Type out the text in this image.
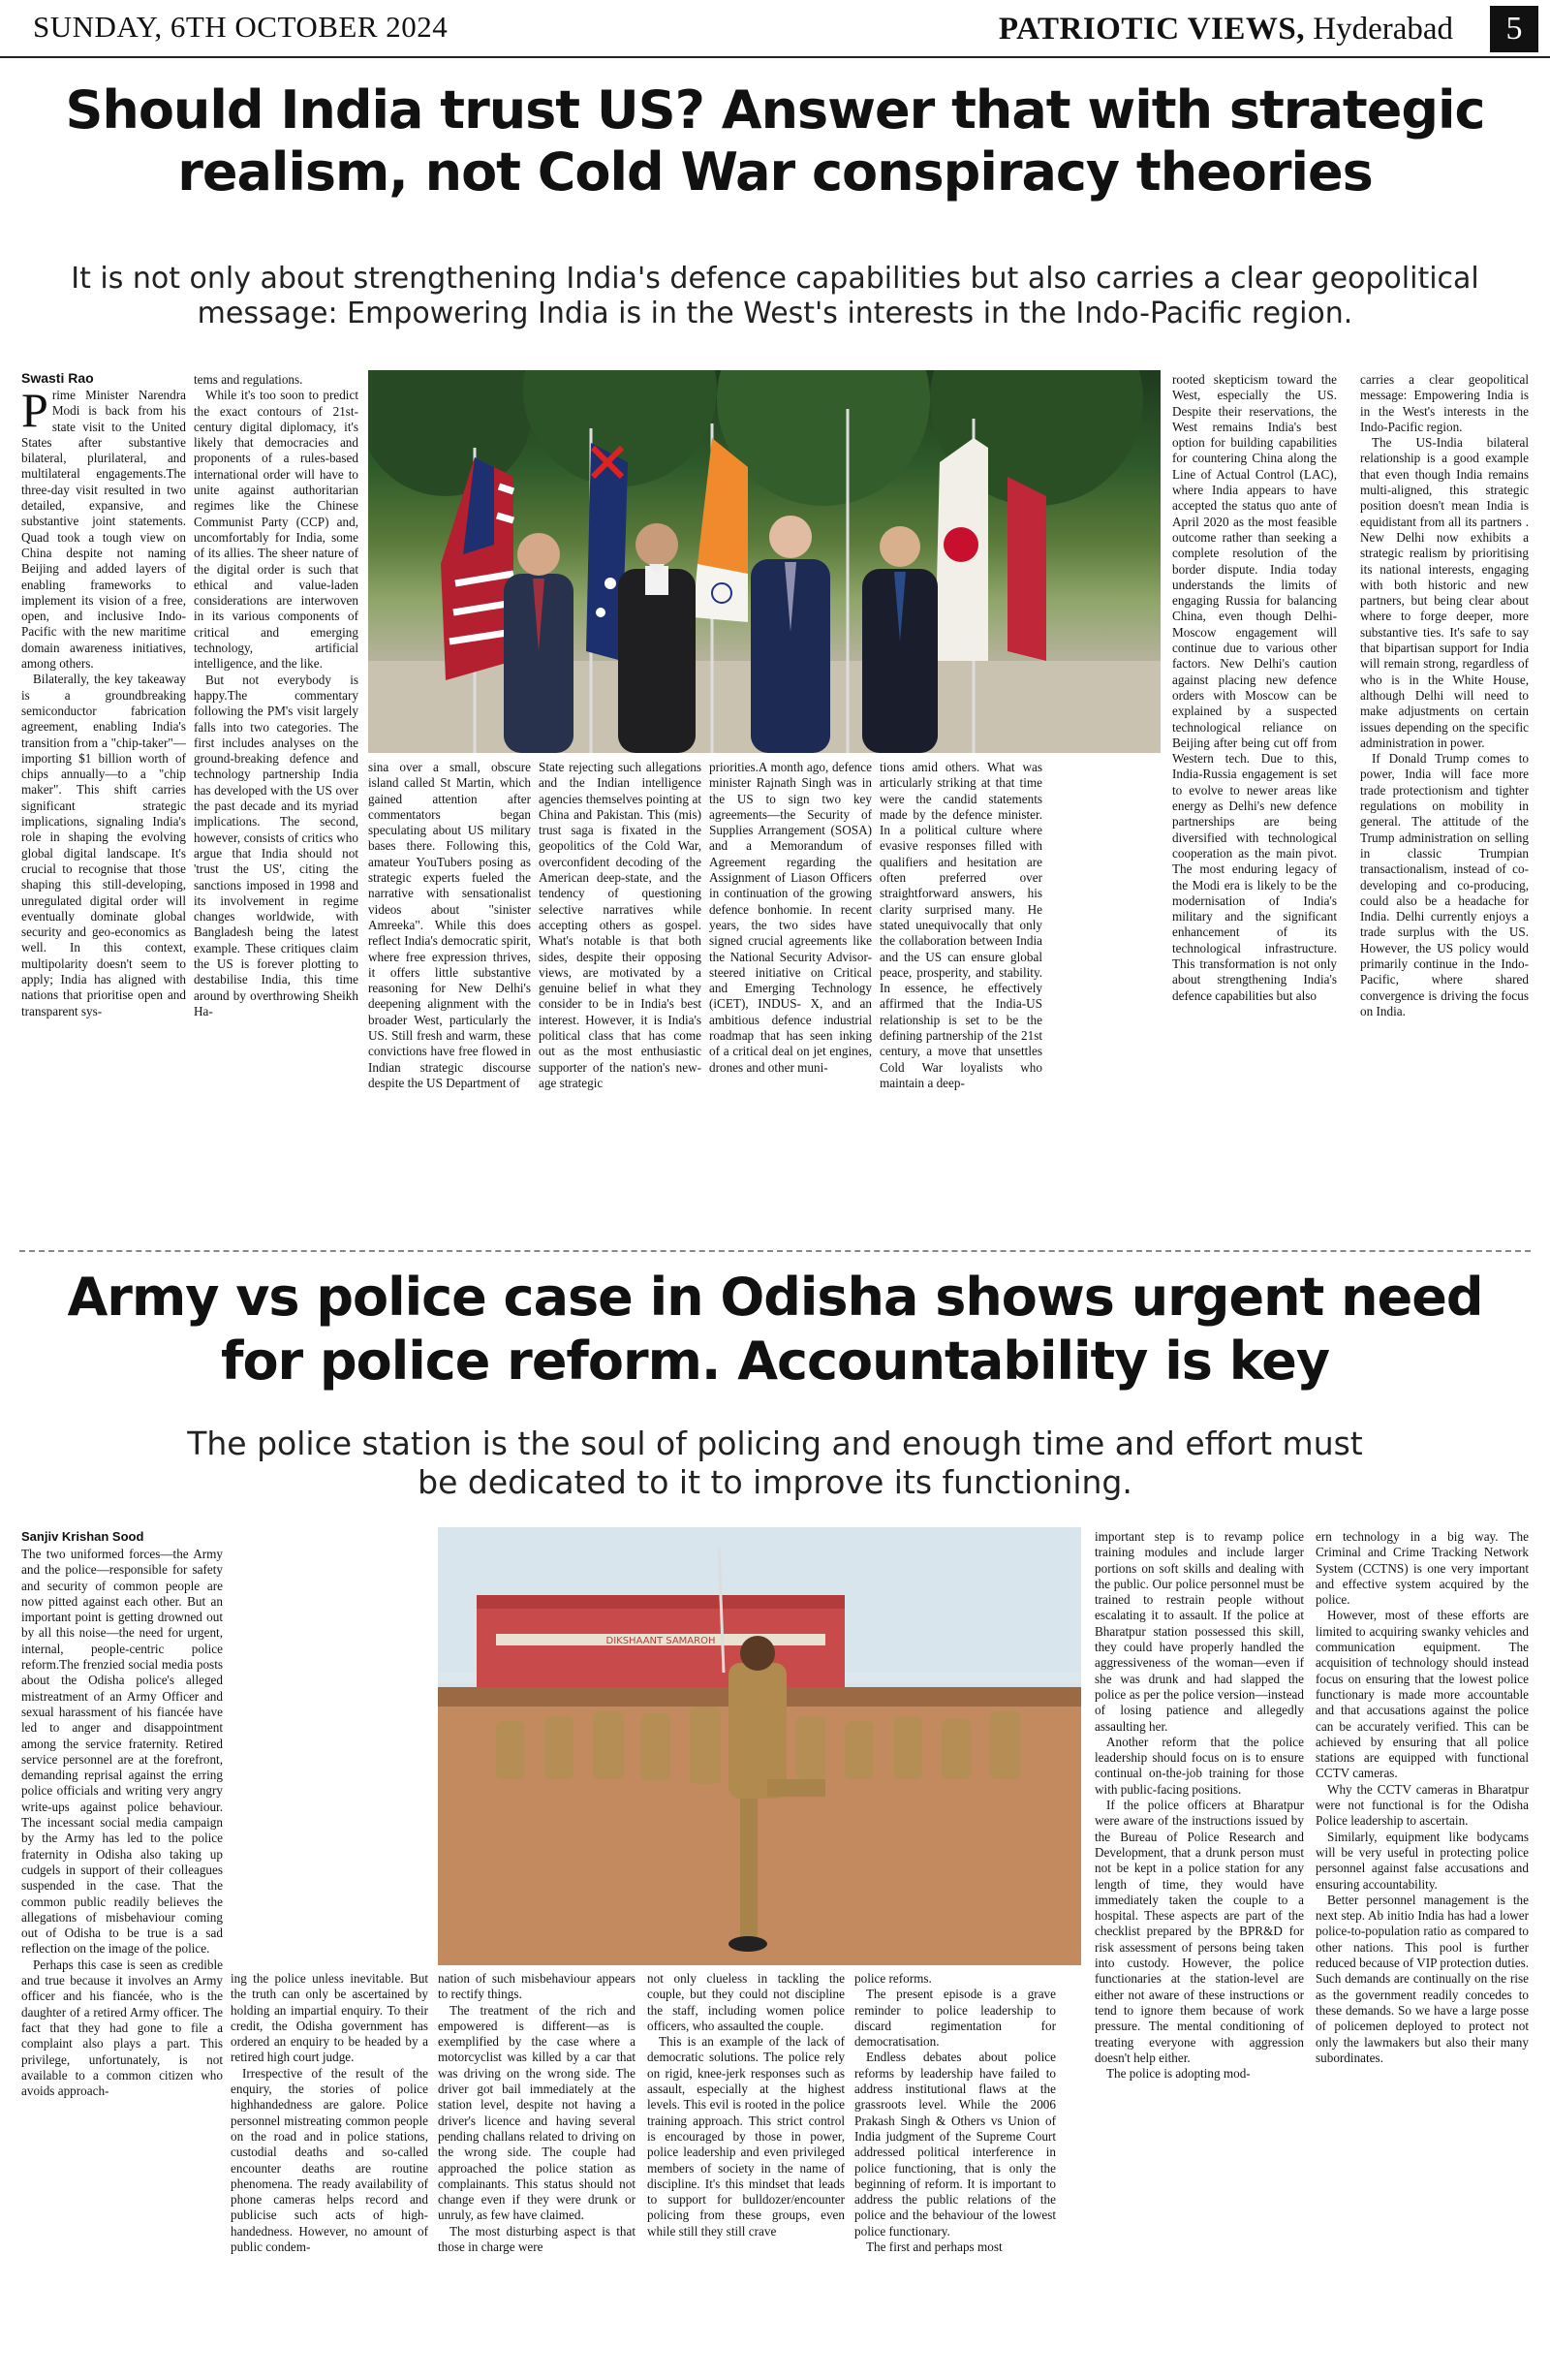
SUNDAY, 6TH OCTOBER 2024	PATRIOTIC VIEWS, Hyderabad	5
Should India trust US? Answer that with strategic
realism, not Cold War conspiracy theories
It is not only about strengthening India's defence capabilities but also carries a clear geopolitical
message: Empowering India is in the West's interests in the Indo-Pacific region.
Swasti Rao

Prime Minister Narendra Modi is back from his state visit to the United States after substantive bilateral, plurilateral, and multilateral engagements.The three-day visit resulted in two detailed, expansive, and substantive joint statements. Quad took a tough view on China despite not naming Beijing and added layers of enabling frameworks to implement its vision of a free, open, and inclusive Indo-Pacific with the new maritime domain awareness initiatives, among others.

Bilaterally, the key takeaway is a groundbreaking semiconductor fabrication agreement, enabling India's transition from a "chip-taker"—importing $1 billion worth of chips annually—to a "chip maker". This shift carries significant strategic implications, signaling India's role in shaping the evolving global digital landscape. It's crucial to recognise that those shaping this still-developing, unregulated digital order will eventually dominate global security and geo-economics as well. In this context, multipolarity doesn't seem to apply; India has aligned with nations that prioritise open and transparent sys-

tems and regulations.

While it's too soon to predict the exact contours of 21st-century digital diplomacy, it's likely that democracies and proponents of a rules-based international order will have to unite against authoritarian regimes like the Chinese Communist Party (CCP) and, uncomfortably for India, some of its allies. The sheer nature of the digital order is such that ethical and value-laden considerations are interwoven in its various components of critical and emerging technology, artificial intelligence, and the like.

But not everybody is happy.The commentary following the PM's visit largely falls into two categories. The first includes analyses on the ground-breaking defence and technology partnership India has developed with the US over the past decade and its myriad implications. The second, however, consists of critics who argue that India should not 'trust the US', citing the sanctions imposed in 1998 and its involvement in regime changes worldwide, with Bangladesh being the latest example. These critiques claim the US is forever plotting to destabilise India, this time around by overthrowing Sheikh Ha-

sina over a small, obscure island called St Martin, which gained attention after commentators began speculating about US military bases there. Following this, amateur YouTubers posing as strategic experts fueled the narrative with sensationalist videos about "sinister Amreeka". While this does reflect India's democratic spirit, where free expression thrives, it offers little substantive reasoning for New Delhi's deepening alignment with the broader West, particularly the US. Still fresh and warm, these convictions have free flowed in Indian strategic discourse despite the US Department of

State rejecting such allegations and the Indian intelligence agencies themselves pointing at China and Pakistan. This (mis) trust saga is fixated in the geopolitics of the Cold War, overconfident decoding of the American deep-state, and the tendency of questioning selective narratives while accepting others as gospel. What's notable is that both sides, despite their opposing views, are motivated by a genuine belief in what they consider to be in India's best interest. However, it is India's political class that has come out as the most enthusiastic supporter of the nation's new-age strategic

priorities.A month ago, defence minister Rajnath Singh was in the US to sign two key agreements—the Security of Supplies Arrangement (SOSA) and a Memorandum of Agreement regarding the Assignment of Liason Officers in continuation of the growing defence bonhomie. In recent years, the two sides have signed crucial agreements like the National Security Advisor-steered initiative on Critical and Emerging Technology (iCET), INDUS- X, and an ambitious defence industrial roadmap that has seen inking of a critical deal on jet engines, drones and other muni-

tions amid others. What was articularly striking at that time were the candid statements made by the defence minister. In a political culture where evasive responses filled with qualifiers and hesitation are often preferred over straightforward answers, his clarity surprised many. He stated unequivocally that only the collaboration between India and the US can ensure global peace, prosperity, and stability. In essence, he effectively affirmed that the India-US relationship is set to be the defining partnership of the 21st century, a move that unsettles Cold War loyalists who maintain a deep-

rooted skepticism toward the West, especially the US. Despite their reservations, the West remains India's best option for building capabilities for countering China along the Line of Actual Control (LAC), where India appears to have accepted the status quo ante of April 2020 as the most feasible outcome rather than seeking a complete resolution of the border dispute. India today understands the limits of engaging Russia for balancing China, even though Delhi-Moscow engagement will continue due to various other factors. New Delhi's caution against placing new defence orders with Moscow can be explained by a suspected technological reliance on Beijing after being cut off from Western tech. Due to this, India-Russia engagement is set to evolve to newer areas like energy as Delhi's new defence partnerships are being diversified with technological cooperation as the main pivot. The most enduring legacy of the Modi era is likely to be the modernisation of India's military and the significant enhancement of its technological infrastructure. This transformation is not only about strengthening India's defence capabilities but also

carries a clear geopolitical message: Empowering India is in the West's interests in the Indo-Pacific region.

The US-India bilateral relationship is a good example that even though India remains multi-aligned, this strategic position doesn't mean India is equidistant from all its partners . New Delhi now exhibits a strategic realism by prioritising its national interests, engaging with both historic and new partners, but being clear about where to forge deeper, more substantive ties. It's safe to say that bipartisan support for India will remain strong, regardless of who is in the White House, although Delhi will need to make adjustments on certain issues depending on the specific administration in power.

If Donald Trump comes to power, India will face more trade protectionism and tighter regulations on mobility in general. The attitude of the Trump administration on selling in classic Trumpian transactionalism, instead of co-developing and co-producing, could also be a headache for India. Delhi currently enjoys a trade surplus with the US. However, the US policy would primarily continue in the Indo-Pacific, where shared convergence is driving the focus on India.

Army vs police case in Odisha shows urgent need
for police reform. Accountability is key
The police station is the soul of policing and enough time and effort must
be dedicated to it to improve its functioning.
Sanjiv Krishan Sood

The two uniformed forces—the Army and the police—responsible for safety and security of common people are now pitted against each other. But an important point is getting drowned out by all this noise—the need for urgent, internal, people-centric police reform.The frenzied social media posts about the Odisha police's alleged mistreatment of an Army Officer and sexual harassment of his fiancée have led to anger and disappointment among the service fraternity. Retired service personnel are at the forefront, demanding reprisal against the erring police officials and writing very angry write-ups against police behaviour. The incessant social media campaign by the Army has led to the police fraternity in Odisha also taking up cudgels in support of their colleagues suspended in the case. That the common public readily believes the allegations of misbehaviour coming out of Odisha to be true is a sad reflection on the image of the police.

Perhaps this case is seen as credible and true because it involves an Army officer and his fiancée, who is the daughter of a retired Army officer. The fact that they had gone to file a complaint also plays a part. This privilege, unfortunately, is not available to a common citizen who avoids approach-

DIKSHAANT SAMAROH

ing the police unless inevitable. But the truth can only be ascertained by holding an impartial enquiry. To their credit, the Odisha government has ordered an enquiry to be headed by a retired high court judge.

Irrespective of the result of the enquiry, the stories of police highhandedness are galore. Police personnel mistreating common people on the road and in police stations, custodial deaths and so-called encounter deaths are routine phenomena. The ready availability of phone cameras helps record and publicise such acts of high-handedness. However, no amount of public condem-

nation of such misbehaviour appears to rectify things.

The treatment of the rich and empowered is different—as is exemplified by the case where a motorcyclist was killed by a car that was driving on the wrong side. The driver got bail immediately at the station level, despite not having a driver's licence and having several pending challans related to driving on the wrong side. The couple had approached the police station as complainants. This status should not change even if they were drunk or unruly, as few have claimed.

The most disturbing aspect is that those in charge were

not only clueless in tackling the couple, but they could not discipline the staff, including women police officers, who assaulted the couple.

This is an example of the lack of democratic solutions. The police rely on rigid, knee-jerk responses such as assault, especially at the highest levels. This evil is rooted in the police training approach. This strict control is encouraged by those in power, police leadership and even privileged members of society in the name of discipline. It's this mindset that leads to support for bulldozer/encounter policing from these groups, even while still they still crave

police reforms.

The present episode is a grave reminder to police leadership to discard regimentation for democratisation.

Endless debates about police reforms by leadership have failed to address institutional flaws at the grassroots level. While the 2006 Prakash Singh & Others vs Union of India judgment of the Supreme Court addressed political interference in police functioning, that is only the beginning of reform. It is important to address the public relations of the police and the behaviour of the lowest police functionary.

The first and perhaps most

important step is to revamp police training modules and include larger portions on soft skills and dealing with the public. Our police personnel must be trained to restrain people without escalating it to assault. If the police at Bharatpur station possessed this skill, they could have properly handled the aggressiveness of the woman—even if she was drunk and had slapped the police as per the police version—instead of losing patience and allegedly assaulting her.

Another reform that the police leadership should focus on is to ensure continual on-the-job training for those with public-facing positions.

If the police officers at Bharatpur were aware of the instructions issued by the Bureau of Police Research and Development, that a drunk person must not be kept in a police station for any length of time, they would have immediately taken the couple to a hospital. These aspects are part of the checklist prepared by the BPR&D for risk assessment of persons being taken into custody. However, the police functionaries at the station-level are either not aware of these instructions or tend to ignore them because of work pressure. The mental conditioning of treating everyone with aggression doesn't help either.

The police is adopting mod-

ern technology in a big way. The Criminal and Crime Tracking Network System (CCTNS) is one very important and effective system acquired by the police.

However, most of these efforts are limited to acquiring swanky vehicles and communication equipment. The acquisition of technology should instead focus on ensuring that the lowest police functionary is made more accountable and that accusations against the police can be accurately verified. This can be achieved by ensuring that all police stations are equipped with functional CCTV cameras.

Why the CCTV cameras in Bharatpur were not functional is for the Odisha Police leadership to ascertain.

Similarly, equipment like bodycams will be very useful in protecting police personnel against false accusations and ensuring accountability.

Better personnel management is the next step. Ab initio India has had a lower police-to-population ratio as compared to other nations. This pool is further reduced because of VIP protection duties. Such demands are continually on the rise as the government readily concedes to these demands. So we have a large posse of policemen deployed to protect not only the lawmakers but also their many subordinates.
